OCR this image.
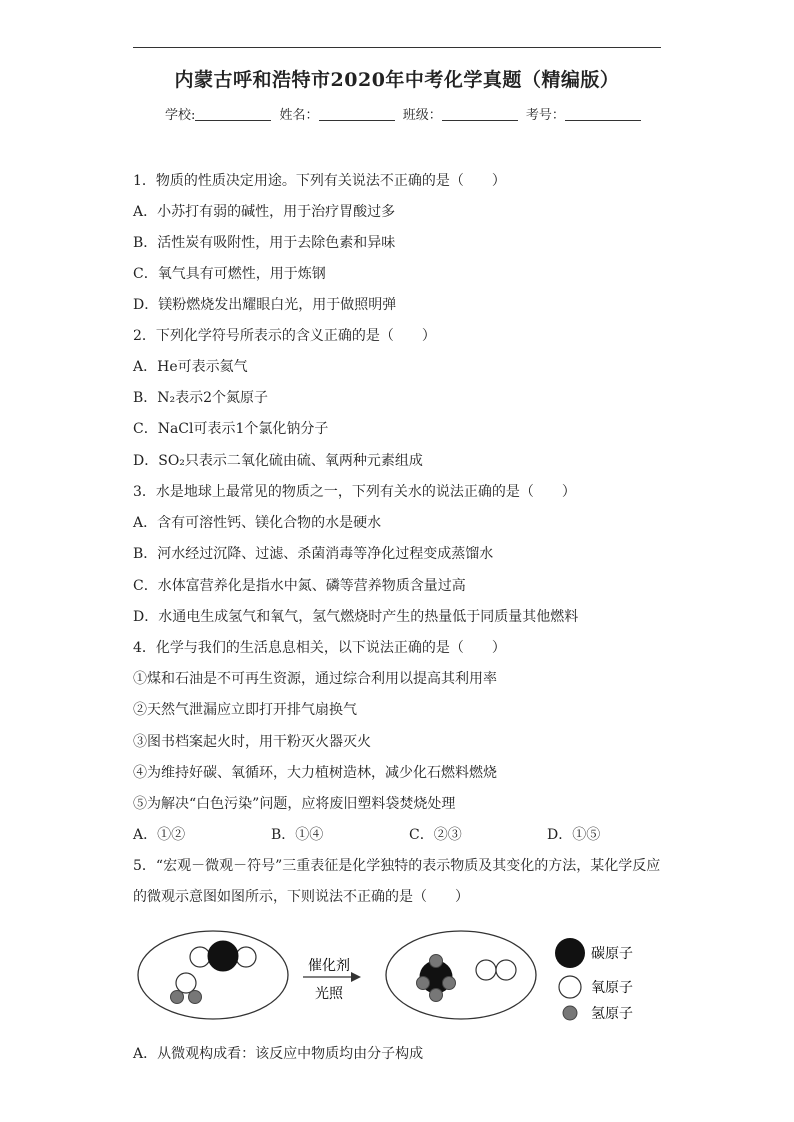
内蒙古呼和浩特市2020年中考化学真题（精编版）
学校:	姓名：	班级：	考号：
1．物质的性质决定用途。下列有关说法不正确的是（　　）
A．小苏打有弱的碱性，用于治疗胃酸过多
B．活性炭有吸附性，用于去除色素和异味
C．氧气具有可燃性，用于炼钢
D．镁粉燃烧发出耀眼白光，用于做照明弹
2．下列化学符号所表示的含义正确的是（　　）
A．He可表示氦气
B．N₂表示2个氮原子
C．NaCl可表示1个氯化钠分子
D．SO₂只表示二氧化硫由硫、氧两种元素组成
3．水是地球上最常见的物质之一，下列有关水的说法正确的是（　　）
A．含有可溶性钙、镁化合物的水是硬水
B．河水经过沉降、过滤、杀菌消毒等净化过程变成蒸馏水
C．水体富营养化是指水中氮、磷等营养物质含量过高
D．水通电生成氢气和氧气，氢气燃烧时产生的热量低于同质量其他燃料
4．化学与我们的生活息息相关，以下说法正确的是（　　）
①煤和石油是不可再生资源，通过综合利用以提高其利用率
②天然气泄漏应立即打开排气扇换气
③图书档案起火时，用干粉灭火器灭火
④为维持好碳、氧循环，大力植树造林，减少化石燃料燃烧
⑤为解决“白色污染”问题，应将废旧塑料袋焚烧处理
A．①②	B．①④	C．②③	D．①⑤
5．“宏观－微观－符号”三重表征是化学独特的表示物质及其变化的方法，某化学反应
的微观示意图如图所示，下则说法不正确的是（　　）
催化剂
光照
碳原子
氧原子
氢原子
A．从微观构成看：该反应中物质均由分子构成
